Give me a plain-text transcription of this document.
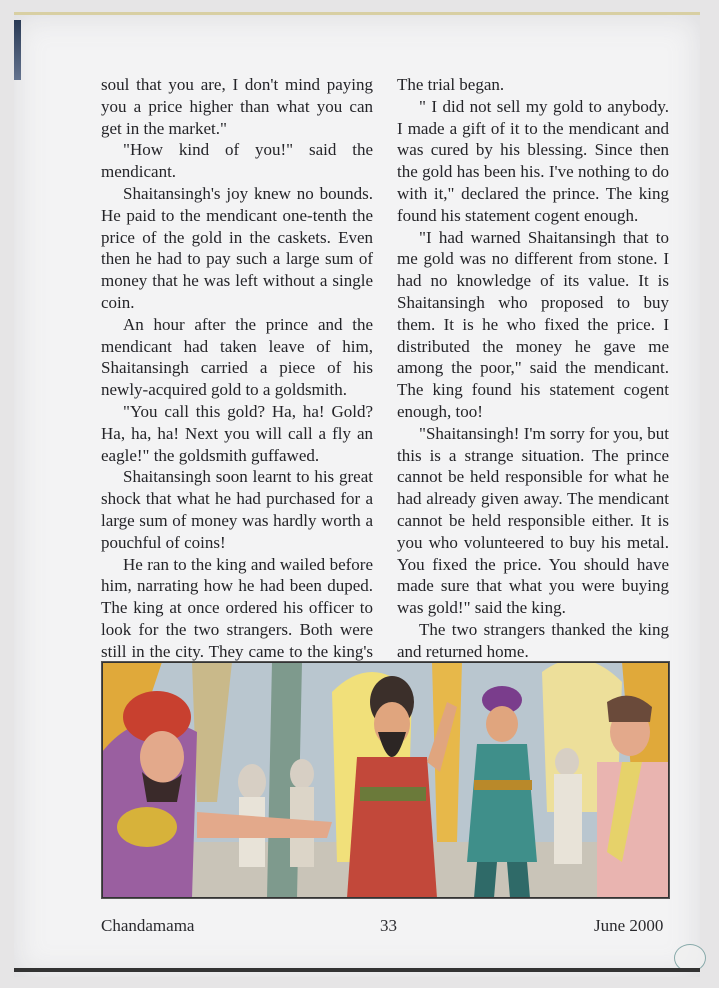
soul that you are, I don't mind paying you a price higher than what you can get in the market."

"How kind of you!" said the mendicant.

Shaitansingh's joy knew no bounds. He paid to the mendicant one-tenth the price of the gold in the caskets. Even then he had to pay such a large sum of money that he was left without a single coin.

An hour after the prince and the mendicant had taken leave of him, Shaitansingh carried a piece of his newly-acquired gold to a goldsmith.

"You call this gold? Ha, ha! Gold? Ha, ha, ha! Next you will call a fly an eagle!" the goldsmith guffawed.

Shaitansingh soon learnt to his great shock that what he had purchased for a large sum of money was hardly worth a pouchful of coins!

He ran to the king and wailed before him, narrating how he had been duped. The king at once ordered his officer to look for the two strangers. Both were still in the city. They came to the king's

The trial began.

" I did not sell my gold to anybody. I made a gift of it to the mendicant and was cured by his blessing. Since then the gold has been his. I've nothing to do with it," declared the prince. The king found his statement cogent enough.

"I had warned Shaitansingh that to me gold was no different from stone. I had no knowledge of its value. It is Shaitansingh who proposed to buy them. It is he who fixed the price. I distributed the money he gave me among the poor," said the mendicant. The king found his statement cogent enough, too!

"Shaitansingh! I'm sorry for you, but this is a strange situation. The prince cannot be held responsible for what he had already given away. The mendicant cannot be held responsible either. It is you who volunteered to buy his metal. You fixed the price. You should have made sure that what you were buying was gold!" said the king.

The two strangers thanked the king and returned home.

Chandamama	33	June 2000
